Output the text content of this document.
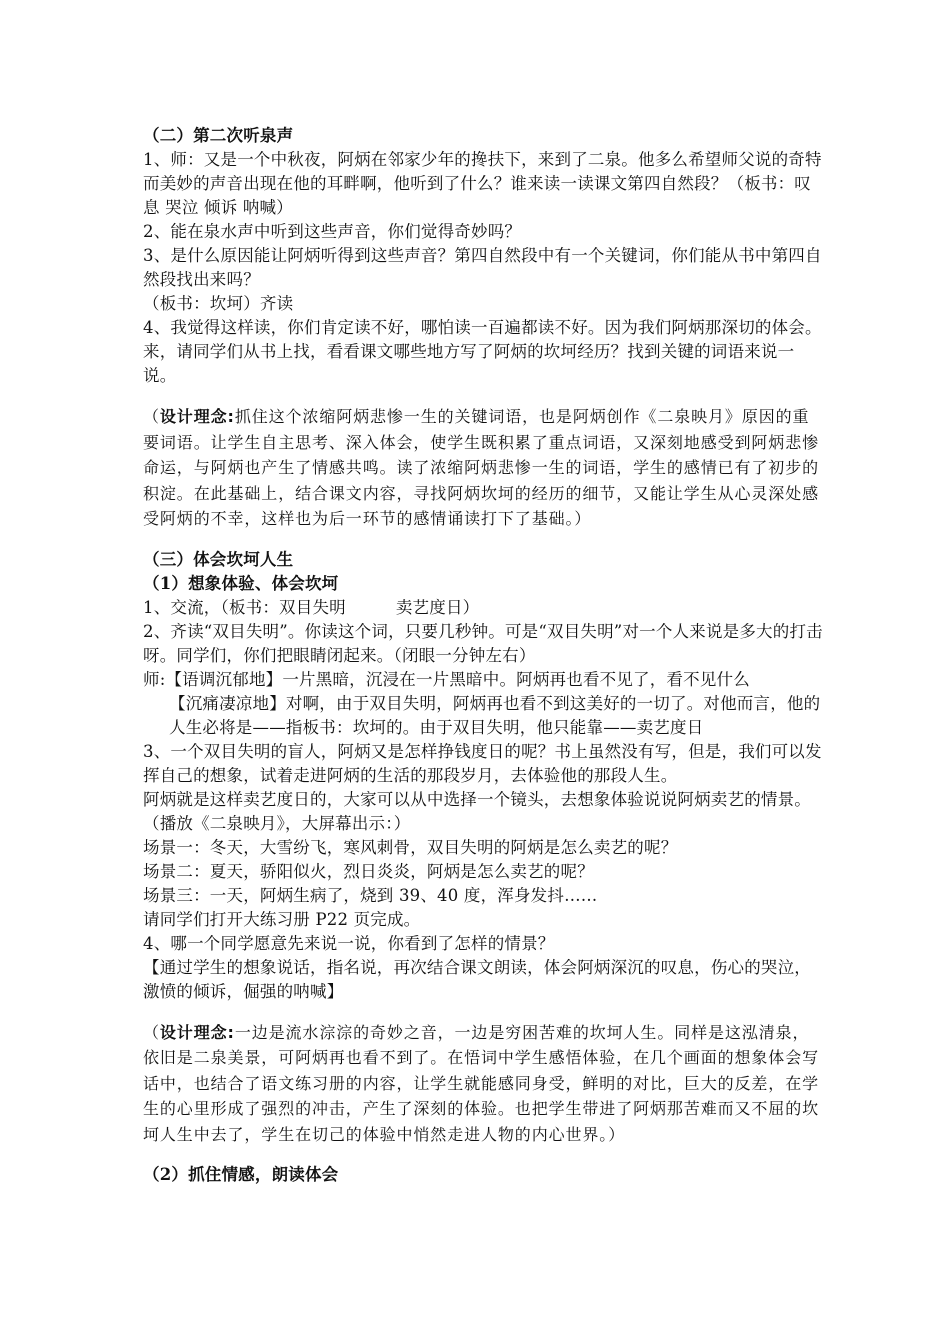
（二）第二次听泉声

1、师：又是一个中秋夜，阿炳在邻家少年的搀扶下，来到了二泉。他多么希望师父说的奇特而美妙的声音出现在他的耳畔啊，他听到了什么？谁来读一读课文第四自然段？（板书：叹息 哭泣 倾诉 呐喊）

2、能在泉水声中听到这些声音，你们觉得奇妙吗？

3、是什么原因能让阿炳听得到这些声音？第四自然段中有一个关键词，你们能从书中第四自然段找出来吗？

（板书：坎坷）齐读

4、我觉得这样读，你们肯定读不好，哪怕读一百遍都读不好。因为我们阿炳那深切的体会。来，请同学们从书上找，看看课文哪些地方写了阿炳的坎坷经历？找到关键的词语来说一说。

（设计理念:抓住这个浓缩阿炳悲惨一生的关键词语，也是阿炳创作《二泉映月》原因的重要词语。让学生自主思考、深入体会，使学生既积累了重点词语，又深刻地感受到阿炳悲惨命运，与阿炳也产生了情感共鸣。读了浓缩阿炳悲惨一生的词语，学生的感情已有了初步的积淀。在此基础上，结合课文内容，寻找阿炳坎坷的经历的细节，又能让学生从心灵深处感受阿炳的不幸，这样也为后一环节的感情诵读打下了基础。）

（三）体会坎坷人生

（1）想象体验、体会坎坷

1、交流，（板书：双目失明	卖艺度日）

2、齐读“双目失明”。你读这个词，只要几秒钟。可是“双目失明”对一个人来说是多大的打击呀。同学们，你们把眼睛闭起来。（闭眼一分钟左右）

师:【语调沉郁地】一片黑暗，沉浸在一片黑暗中。阿炳再也看不见了，看不见什么

【沉痛凄凉地】对啊，由于双目失明，阿炳再也看不到这美好的一切了。对他而言，他的人生必将是——指板书：坎坷的。由于双目失明，他只能靠——卖艺度日

3、一个双目失明的盲人，阿炳又是怎样挣钱度日的呢？书上虽然没有写，但是，我们可以发挥自己的想象，试着走进阿炳的生活的那段岁月，去体验他的那段人生。

阿炳就是这样卖艺度日的，大家可以从中选择一个镜头，去想象体验说说阿炳卖艺的情景。（播放《二泉映月》，大屏幕出示：）

场景一：冬天，大雪纷飞，寒风刺骨，双目失明的阿炳是怎么卖艺的呢？

场景二：夏天，骄阳似火，烈日炎炎，阿炳是怎么卖艺的呢？

场景三：一天，阿炳生病了，烧到 39、40 度，浑身发抖……

请同学们打开大练习册 P22 页完成。

4、哪一个同学愿意先来说一说，你看到了怎样的情景？

【通过学生的想象说话，指名说，再次结合课文朗读，体会阿炳深沉的叹息，伤心的哭泣，激愤的倾诉，倔强的呐喊】

（设计理念:一边是流水淙淙的奇妙之音，一边是穷困苦难的坎坷人生。同样是这泓清泉，依旧是二泉美景，可阿炳再也看不到了。在悟词中学生感悟体验，在几个画面的想象体会写话中，也结合了语文练习册的内容，让学生就能感同身受，鲜明的对比，巨大的反差，在学生的心里形成了强烈的冲击，产生了深刻的体验。也把学生带进了阿炳那苦难而又不屈的坎坷人生中去了，学生在切己的体验中悄然走进人物的内心世界。）

（2）抓住情感，朗读体会
